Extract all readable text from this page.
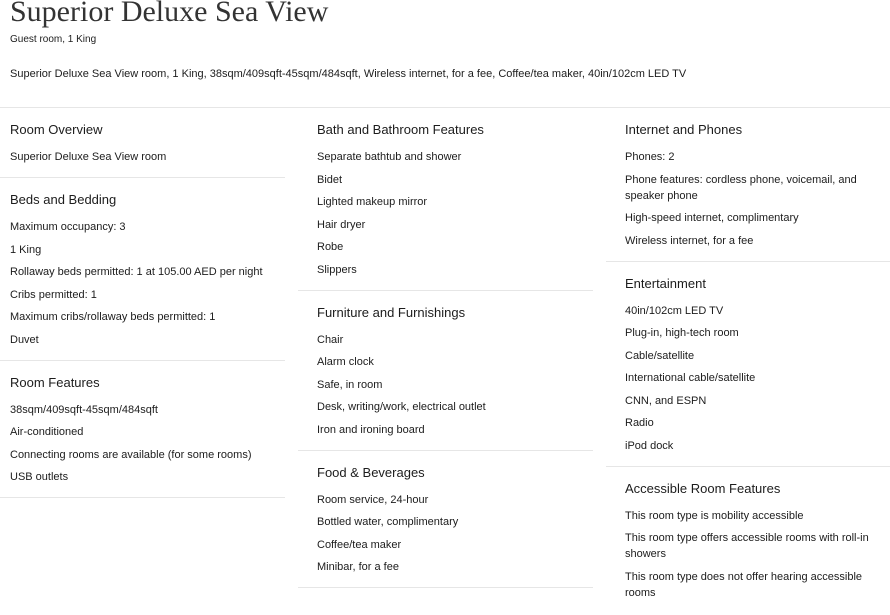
Superior Deluxe Sea View
Guest room, 1 King
Superior Deluxe Sea View room, 1 King, 38sqm/409sqft-45sqm/484sqft, Wireless internet, for a fee, Coffee/tea maker, 40in/102cm LED TV
Room Overview
Superior Deluxe Sea View room
Beds and Bedding
Maximum occupancy: 3
1 King
Rollaway beds permitted: 1 at 105.00 AED per night
Cribs permitted: 1
Maximum cribs/rollaway beds permitted: 1
Duvet
Room Features
38sqm/409sqft-45sqm/484sqft
Air-conditioned
Connecting rooms are available (for some rooms)
USB outlets
Bath and Bathroom Features
Separate bathtub and shower
Bidet
Lighted makeup mirror
Hair dryer
Robe
Slippers
Furniture and Furnishings
Chair
Alarm clock
Safe, in room
Desk, writing/work, electrical outlet
Iron and ironing board
Food & Beverages
Room service, 24-hour
Bottled water, complimentary
Coffee/tea maker
Minibar, for a fee
Internet and Phones
Phones: 2
Phone features: cordless phone, voicemail, and speaker phone
High-speed internet, complimentary
Wireless internet, for a fee
Entertainment
40in/102cm LED TV
Plug-in, high-tech room
Cable/satellite
International cable/satellite
CNN, and ESPN
Radio
iPod dock
Accessible Room Features
This room type is mobility accessible
This room type offers accessible rooms with roll-in showers
This room type does not offer hearing accessible rooms
